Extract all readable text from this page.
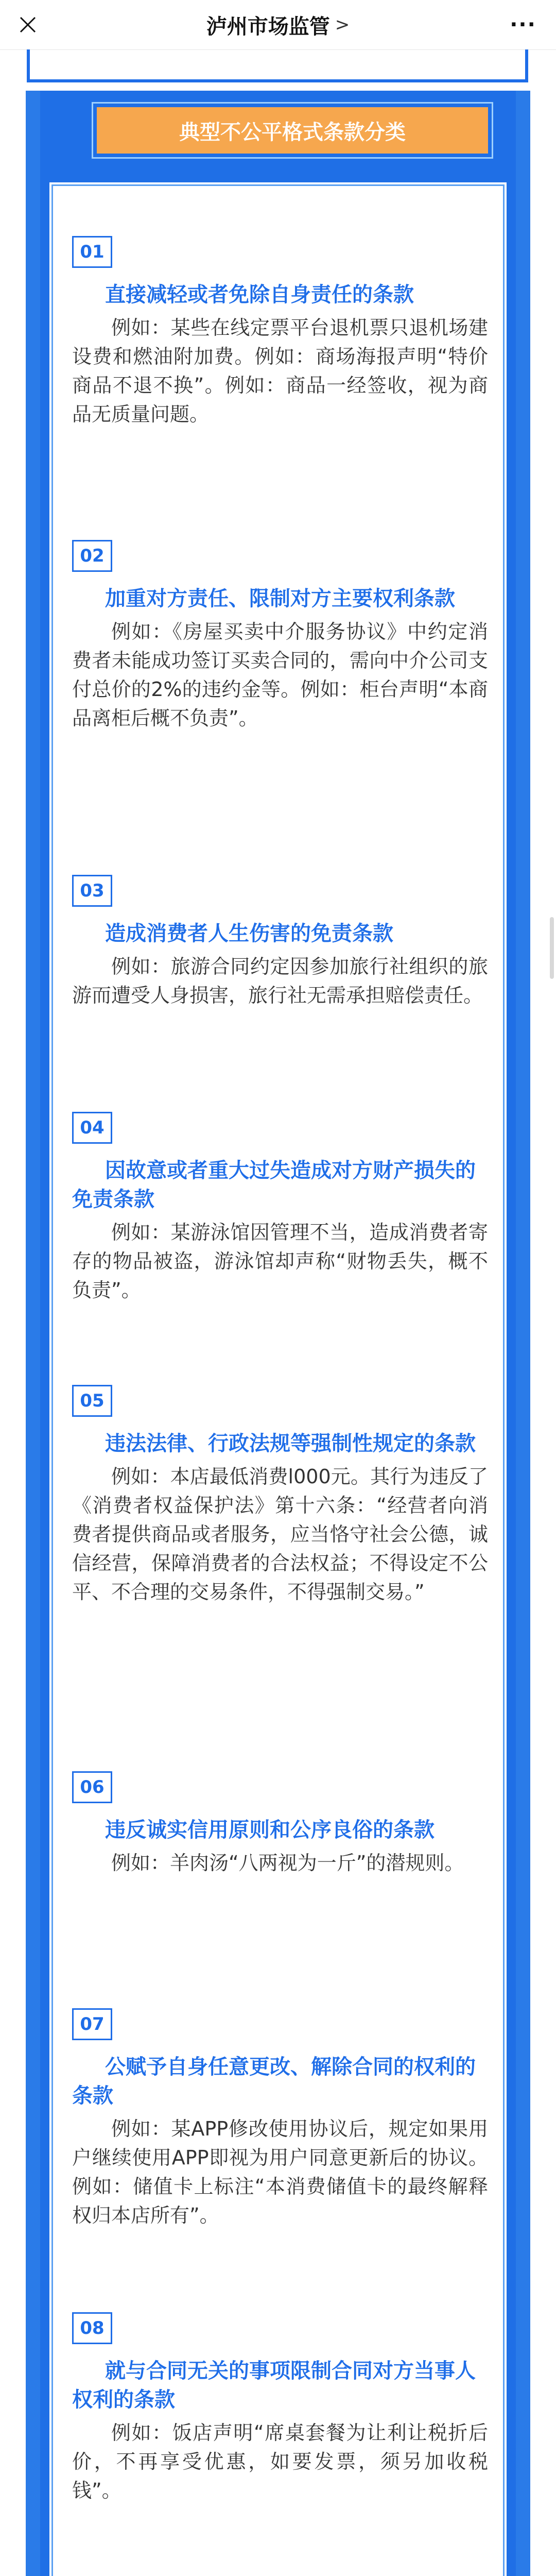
泸州市场监管 >	···
典型不公平格式条款分类
01
直接减轻或者免除自身责任的条款
例如：某些在线定票平台退机票只退机场建设费和燃油附加费。例如：商场海报声明“特价商品不退不换”。例如：商品一经签收，视为商品无质量问题。
02
加重对方责任、限制对方主要权利条款
例如：《房屋买卖中介服务协议》中约定消费者未能成功签订买卖合同的，需向中介公司支付总价的2%的违约金等。例如：柜台声明“本商品离柜后概不负责”。
03
造成消费者人生伤害的免责条款
例如：旅游合同约定因参加旅行社组织的旅游而遭受人身损害，旅行社无需承担赔偿责任。
04
因故意或者重大过失造成对方财产损失的免责条款
例如：某游泳馆因管理不当，造成消费者寄存的物品被盗，游泳馆却声称“财物丢失，概不负责”。
05
违法法律、行政法规等强制性规定的条款
例如：本店最低消费l000元。其行为违反了《消费者权益保护法》第十六条：“经营者向消费者提供商品或者服务，应当恪守社会公德，诚信经营，保障消费者的合法权益；不得设定不公平、不合理的交易条件，不得强制交易。”
06
违反诚实信用原则和公序良俗的条款
例如：羊肉汤“八两视为一斤”的潜规则。
07
公赋予自身任意更改、解除合同的权利的条款
例如：某APP修改使用协议后，规定如果用户继续使用APP即视为用户同意更新后的协议。例如：储值卡上标注“本消费储值卡的最终解释权归本店所有”。
08
就与合同无关的事项限制合同对方当事人权利的条款
例如：饭店声明“席桌套餐为让利让税折后价，不再享受优惠，如要发票，须另加收税钱”。
